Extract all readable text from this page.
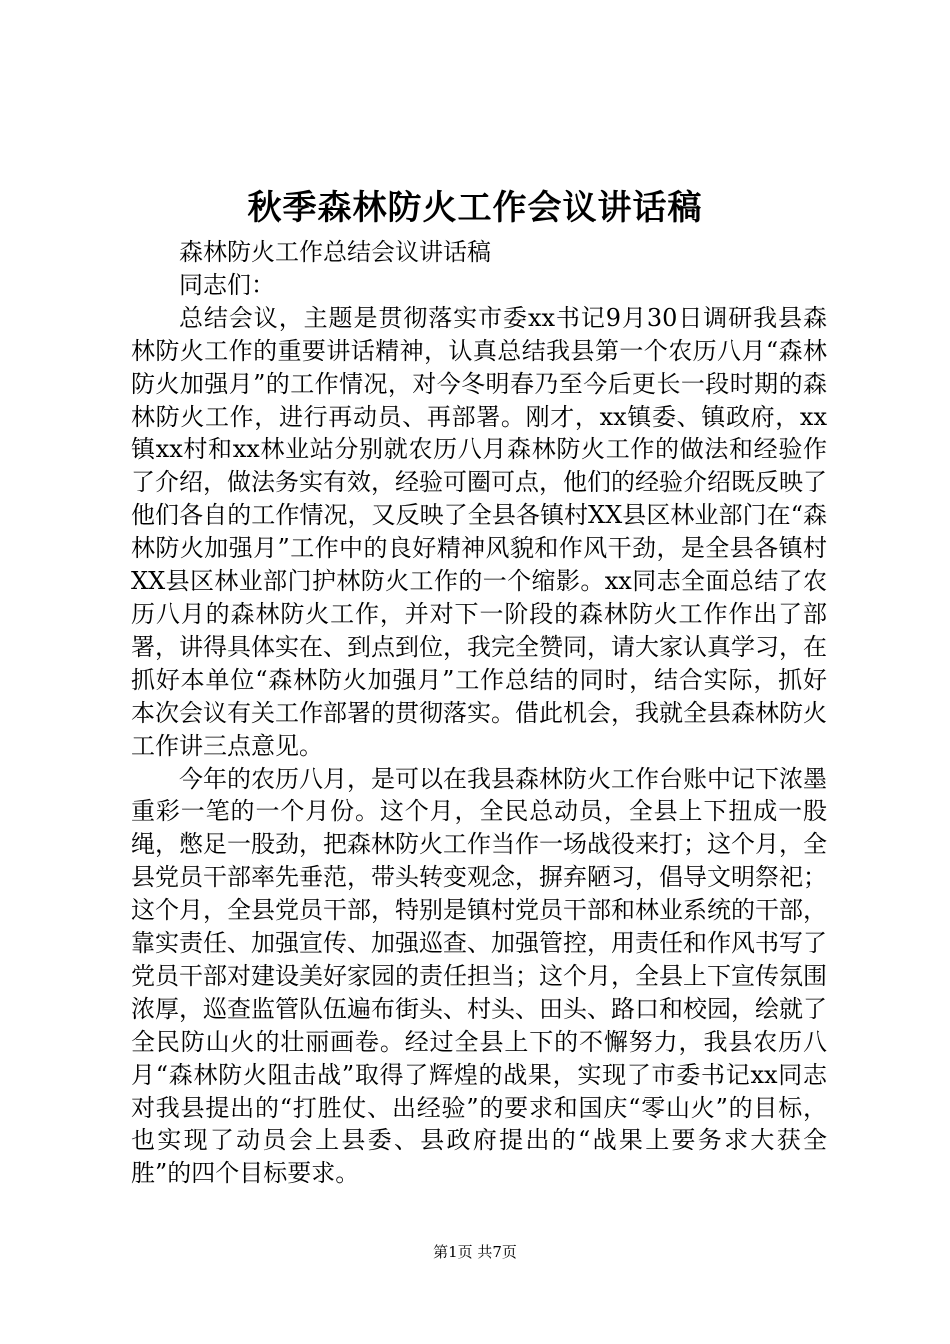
秋季森林防火工作会议讲话稿

森林防火工作总结会议讲话稿

同志们：

总结会议，主题是贯彻落实市委xx书记9月30日调研我县森林防火工作的重要讲话精神，认真总结我县第一个农历八月“森林防火加强月”的工作情况，对今冬明春乃至今后更长一段时期的森林防火工作，进行再动员、再部署。刚才，xx镇委、镇政府，xx镇xx村和xx林业站分别就农历八月森林防火工作的做法和经验作了介绍，做法务实有效，经验可圈可点，他们的经验介绍既反映了他们各自的工作情况，又反映了全县各镇村XX县区林业部门在“森林防火加强月”工作中的良好精神风貌和作风干劲，是全县各镇村XX县区林业部门护林防火工作的一个缩影。xx同志全面总结了农历八月的森林防火工作，并对下一阶段的森林防火工作作出了部署，讲得具体实在、到点到位，我完全赞同，请大家认真学习，在抓好本单位“森林防火加强月”工作总结的同时，结合实际，抓好本次会议有关工作部署的贯彻落实。借此机会，我就全县森林防火工作讲三点意见。

今年的农历八月，是可以在我县森林防火工作台账中记下浓墨重彩一笔的一个月份。这个月，全民总动员，全县上下扭成一股绳，憋足一股劲，把森林防火工作当作一场战役来打；这个月，全县党员干部率先垂范，带头转变观念，摒弃陋习，倡导文明祭祀；这个月，全县党员干部，特别是镇村党员干部和林业系统的干部，靠实责任、加强宣传、加强巡查、加强管控，用责任和作风书写了党员干部对建设美好家园的责任担当；这个月，全县上下宣传氛围浓厚，巡查监管队伍遍布街头、村头、田头、路口和校园，绘就了全民防山火的壮丽画卷。经过全县上下的不懈努力，我县农历八月“森林防火阻击战”取得了辉煌的战果，实现了市委书记xx同志对我县提出的“打胜仗、出经验”的要求和国庆“零山火”的目标，也实现了动员会上县委、县政府提出的“战果上要务求大获全胜”的四个目标要求。

第1页 共7页
